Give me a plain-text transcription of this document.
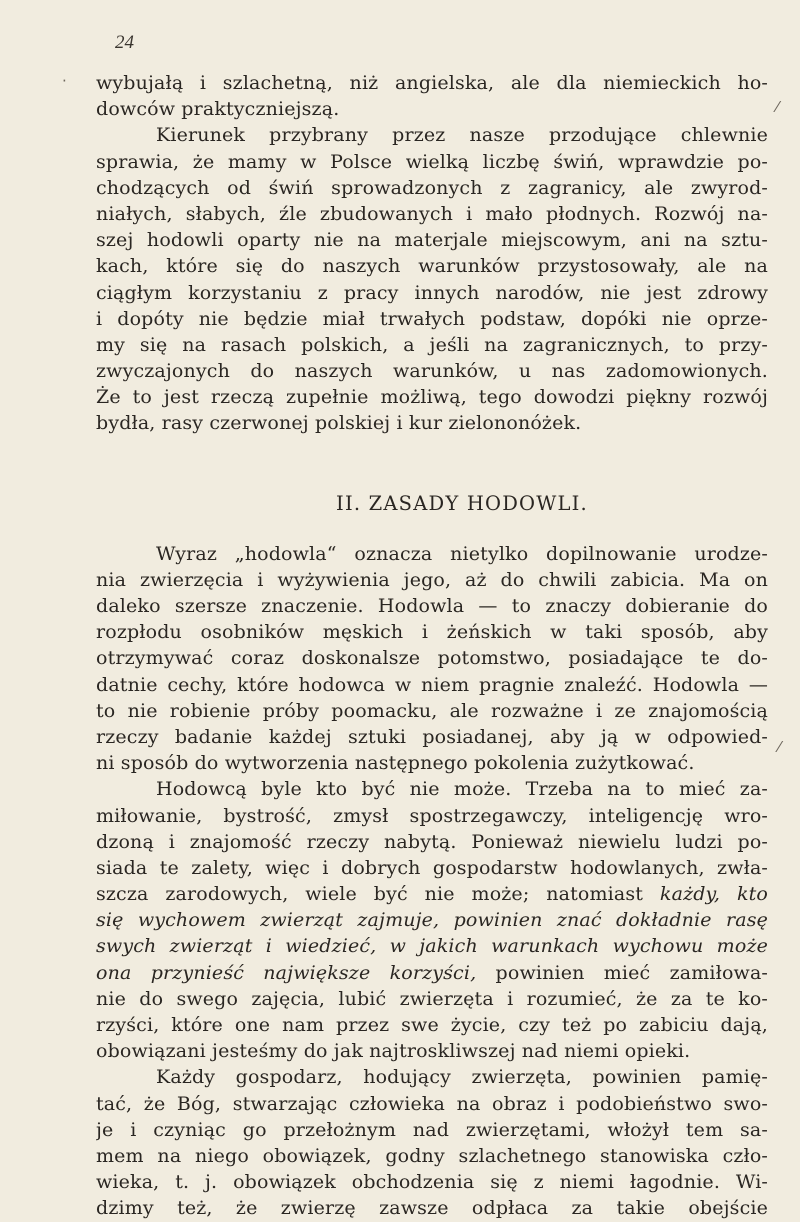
24
·
⁄
⁄
wybujałą i szlachetną, niż angielska, ale dla niemieckich ho-
dowców praktyczniejszą.
Kierunek przybrany przez nasze przodujące chlewnie
sprawia, że mamy w Polsce wielką liczbę świń, wprawdzie po-
chodzących od świń sprowadzonych z zagranicy, ale zwyrod-
niałych, słabych, źle zbudowanych i mało płodnych. Rozwój na-
szej hodowli oparty nie na materjale miejscowym, ani na sztu-
kach, które się do naszych warunków przystosowały, ale na
ciągłym korzystaniu z pracy innych narodów, nie jest zdrowy
i dopóty nie będzie miał trwałych podstaw, dopóki nie oprze-
my się na rasach polskich, a jeśli na zagranicznych, to przy-
zwyczajonych do naszych warunków, u nas zadomowionych.
Że to jest rzeczą zupełnie możliwą, tego dowodzi piękny rozwój
bydła, rasy czerwonej polskiej i kur zielononóżek.
II. ZASADY HODOWLI.
Wyraz „hodowla“ oznacza nietylko dopilnowanie urodze-
nia zwierzęcia i wyżywienia jego, aż do chwili zabicia. Ma on
daleko szersze znaczenie. Hodowla — to znaczy dobieranie do
rozpłodu osobników męskich i żeńskich w taki sposób, aby
otrzymywać coraz doskonalsze potomstwo, posiadające te do-
datnie cechy, które hodowca w niem pragnie znaleźć. Hodowla —
to nie robienie próby poomacku, ale rozważne i ze znajomością
rzeczy badanie każdej sztuki posiadanej, aby ją w odpowied-
ni sposób do wytworzenia następnego pokolenia zużytkować.
Hodowcą byle kto być nie może. Trzeba na to mieć za-
miłowanie, bystrość, zmysł spostrzegawczy, inteligencję wro-
dzoną i znajomość rzeczy nabytą. Ponieważ niewielu ludzi po-
siada te zalety, więc i dobrych gospodarstw hodowlanych, zwła-
szcza zarodowych, wiele być nie może; natomiast każdy, kto
się wychowem zwierząt zajmuje, powinien znać dokładnie rasę
swych zwierząt i wiedzieć, w jakich warunkach wychowu może
ona przynieść największe korzyści, powinien mieć zamiłowa-
nie do swego zajęcia, lubić zwierzęta i rozumieć, że za te ko-
rzyści, które one nam przez swe życie, czy też po zabiciu dają,
obowiązani jesteśmy do jak najtroskliwszej nad niemi opieki.
Każdy gospodarz, hodujący zwierzęta, powinien pamię-
tać, że Bóg, stwarzając człowieka na obraz i podobieństwo swo-
je i czyniąc go przełożnym nad zwierzętami, włożył tem sa-
mem na niego obowiązek, godny szlachetnego stanowiska czło-
wieka, t. j. obowiązek obchodzenia się z niemi łagodnie. Wi-
dzimy też, że zwierzę zawsze odpłaca za takie obejście
